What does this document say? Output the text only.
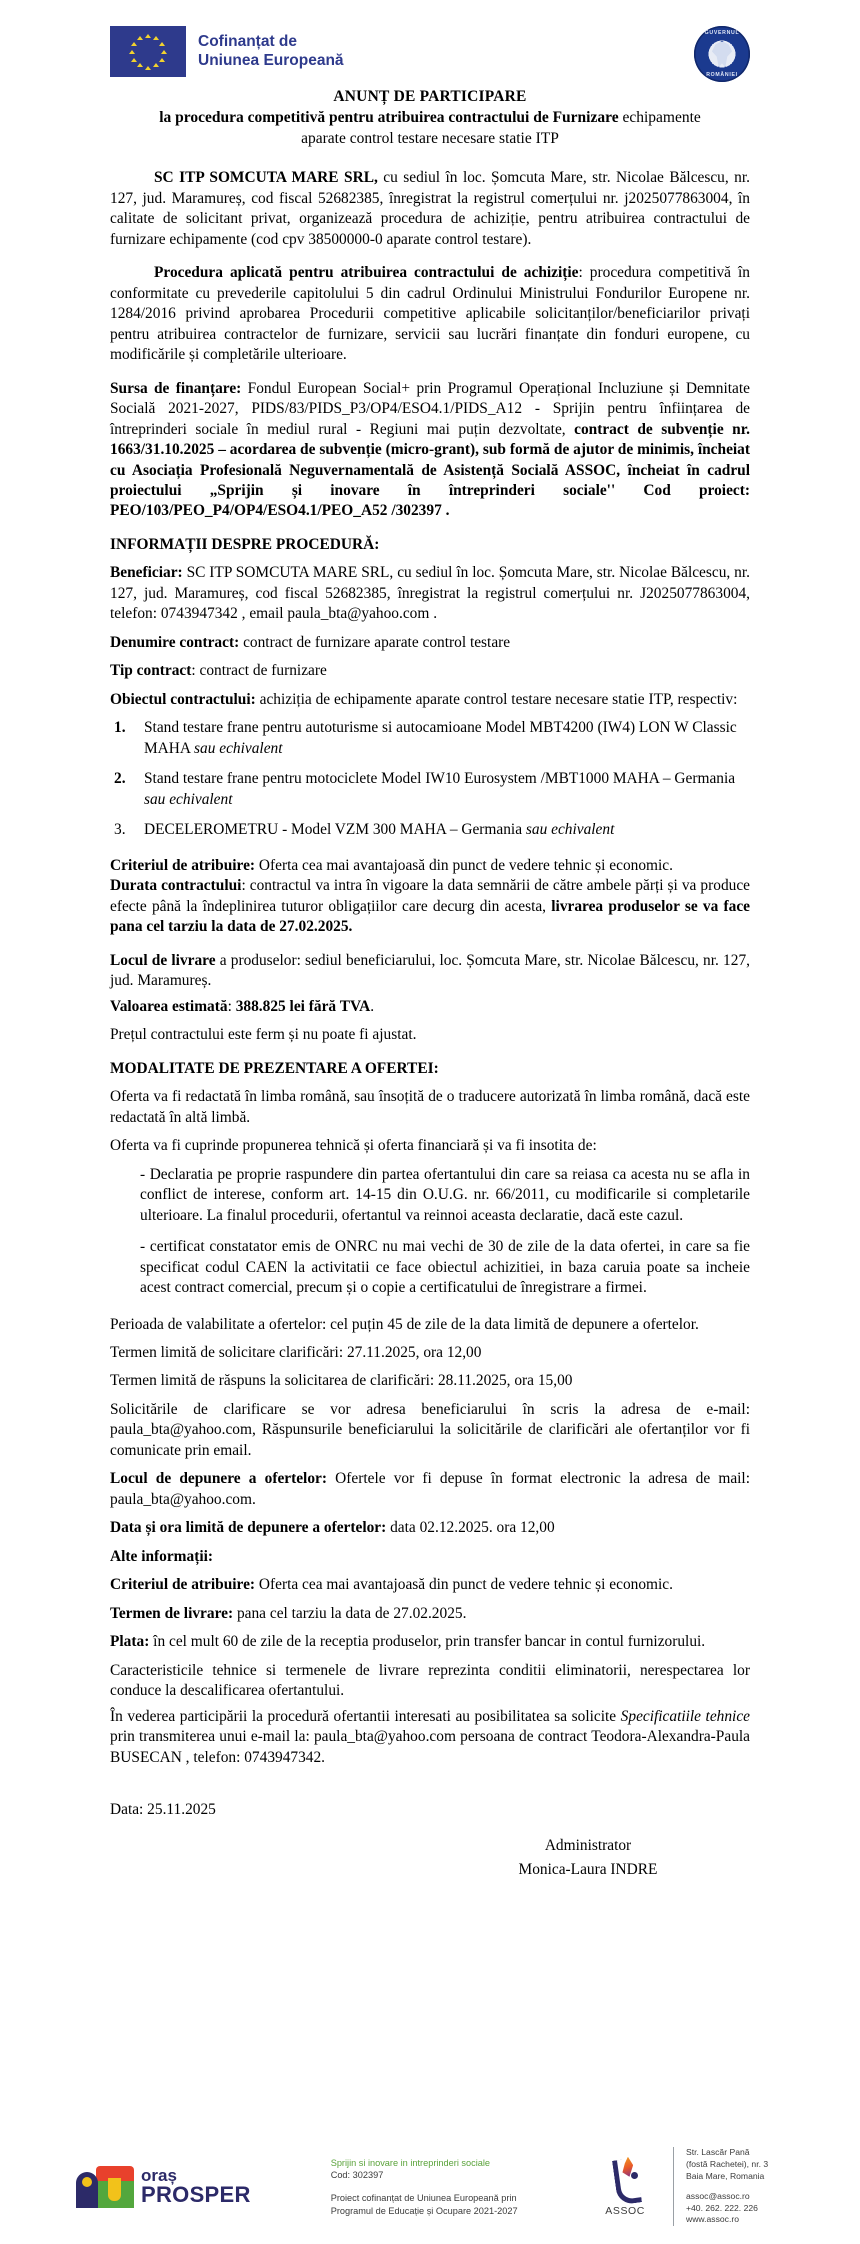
Cofinanțat de
Uniunea Europeană
GUVERNUL
ROMÂNIEI
ANUNȚ DE PARTICIPARE
la procedura competitivă pentru atribuirea contractului de Furnizare echipamente
aparate control testare necesare statie ITP

SC ITP SOMCUTA MARE SRL, cu sediul în loc. Șomcuta Mare, str. Nicolae Bălcescu, nr. 127, jud. Maramureș, cod fiscal 52682385, înregistrat la registrul comerțului nr. j2025077863004, în calitate de solicitant privat, organizează procedura de achiziție, pentru atribuirea contractului de furnizare echipamente (cod cpv 38500000-0 aparate control testare).

Procedura aplicată pentru atribuirea contractului de achiziție: procedura competitivă în conformitate cu prevederile capitolului 5 din cadrul Ordinului Ministrului Fondurilor Europene nr. 1284/2016 privind aprobarea Procedurii competitive aplicabile solicitanților/beneficiarilor privați pentru atribuirea contractelor de furnizare, servicii sau lucrări finanțate din fonduri europene, cu modificările și completările ulterioare.

Sursa de finanțare: Fondul European Social+ prin Programul Operațional Incluziune și Demnitate Socială 2021-2027, PIDS/83/PIDS_P3/OP4/ESO4.1/PIDS_A12 - Sprijin pentru înființarea de întreprinderi sociale în mediul rural - Regiuni mai puțin dezvoltate, contract de subvenție nr. 1663/31.10.2025 – acordarea de subvenție (micro-grant), sub formă de ajutor de minimis, încheiat cu Asociația Profesională Neguvernamentală de Asistență Socială ASSOC, încheiat în cadrul proiectului „Sprijin și inovare în întreprinderi sociale'' Cod proiect: PEO/103/PEO_P4/OP4/ESO4.1/PEO_A52 /302397 .

INFORMAȚII DESPRE PROCEDURĂ:

Beneficiar: SC ITP SOMCUTA MARE SRL, cu sediul în loc. Șomcuta Mare, str. Nicolae Bălcescu, nr. 127, jud. Maramureș, cod fiscal 52682385, înregistrat la registrul comerțului nr. J2025077863004, telefon: 0743947342 , email paula_bta@yahoo.com .

Denumire contract: contract de furnizare aparate control testare

Tip contract: contract de furnizare

Obiectul contractului: achiziția de echipamente aparate control testare necesare statie ITP, respectiv:

Stand testare frane pentru autoturisme si autocamioane Model MBT4200 (IW4) LON W Classic MAHA sau echivalent
Stand testare frane pentru motociclete Model IW10 Eurosystem /MBT1000 MAHA – Germania sau echivalent
DECELEROMETRU - Model VZM 300 MAHA – Germania sau echivalent

Criteriul de atribuire: Oferta cea mai avantajoasă din punct de vedere tehnic și economic.

Durata contractului: contractul va intra în vigoare la data semnării de către ambele părți și va produce efecte până la îndeplinirea tuturor obligațiilor care decurg din acesta, livrarea produselor se va face pana cel tarziu la data de 27.02.2025.

Locul de livrare a produselor: sediul beneficiarului, loc. Șomcuta Mare, str. Nicolae Bălcescu, nr. 127, jud. Maramureș.

Valoarea estimată: 388.825 lei fără TVA.

Prețul contractului este ferm și nu poate fi ajustat.

MODALITATE DE PREZENTARE A OFERTEI:

Oferta va fi redactată în limba română, sau însoțită de o traducere autorizată în limba română, dacă este redactată în altă limbă.

Oferta va fi cuprinde propunerea tehnică și oferta financiară și va fi insotita de:

- Declaratia pe proprie raspundere din partea ofertantului din care sa reiasa ca acesta nu se afla in conflict de interese, conform art. 14-15 din O.U.G. nr. 66/2011, cu modificarile si completarile ulterioare. La finalul procedurii, ofertantul va reinnoi aceasta declaratie, dacă este cazul.

- certificat constatator emis de ONRC nu mai vechi de 30 de zile de la data ofertei, in care sa fie specificat codul CAEN la activitatii ce face obiectul achizitiei, in baza caruia poate sa incheie acest contract comercial, precum și o copie a certificatului de înregistrare a firmei.

Perioada de valabilitate a ofertelor: cel puțin 45 de zile de la data limită de depunere a ofertelor.

Termen limită de solicitare clarificări: 27.11.2025, ora 12,00

Termen limită de răspuns la solicitarea de clarificări: 28.11.2025, ora 15,00

Solicitările de clarificare se vor adresa beneficiarului în scris la adresa de e-mail: paula_bta@yahoo.com, Răspunsurile beneficiarului la solicitările de clarificări ale ofertanților vor fi comunicate prin email.

Locul de depunere a ofertelor: Ofertele vor fi depuse în format electronic la adresa de mail: paula_bta@yahoo.com.

Data și ora limită de depunere a ofertelor: data 02.12.2025. ora 12,00

Alte informații:

Criteriul de atribuire: Oferta cea mai avantajoasă din punct de vedere tehnic și economic.

Termen de livrare: pana cel tarziu la data de 27.02.2025.

Plata: în cel mult 60 de zile de la receptia produselor, prin transfer bancar in contul furnizorului.

Caracteristicile tehnice si termenele de livrare reprezinta conditii eliminatorii, nerespectarea lor conduce la descalificarea ofertantului.

În vederea participării la procedură ofertantii interesati au posibilitatea sa solicite Specificatiile tehnice prin transmiterea unui e-mail la: paula_bta@yahoo.com persoana de contract Teodora-Alexandra-Paula BUSECAN , telefon: 0743947342.

Data: 25.11.2025

Administrator
Monica-Laura INDRE
oraș
PROSPER
Sprijin si inovare in intreprinderi sociale
Cod: 302397
Proiect cofinanțat de Uniunea Europeană prin
Programul de Educație și Ocupare 2021-2027	ASSOC
Str. Lascăr Pană
(fostă Rachetei), nr. 3
Baia Mare, Romania
assoc@assoc.ro
+40. 262. 222. 226
www.assoc.ro
